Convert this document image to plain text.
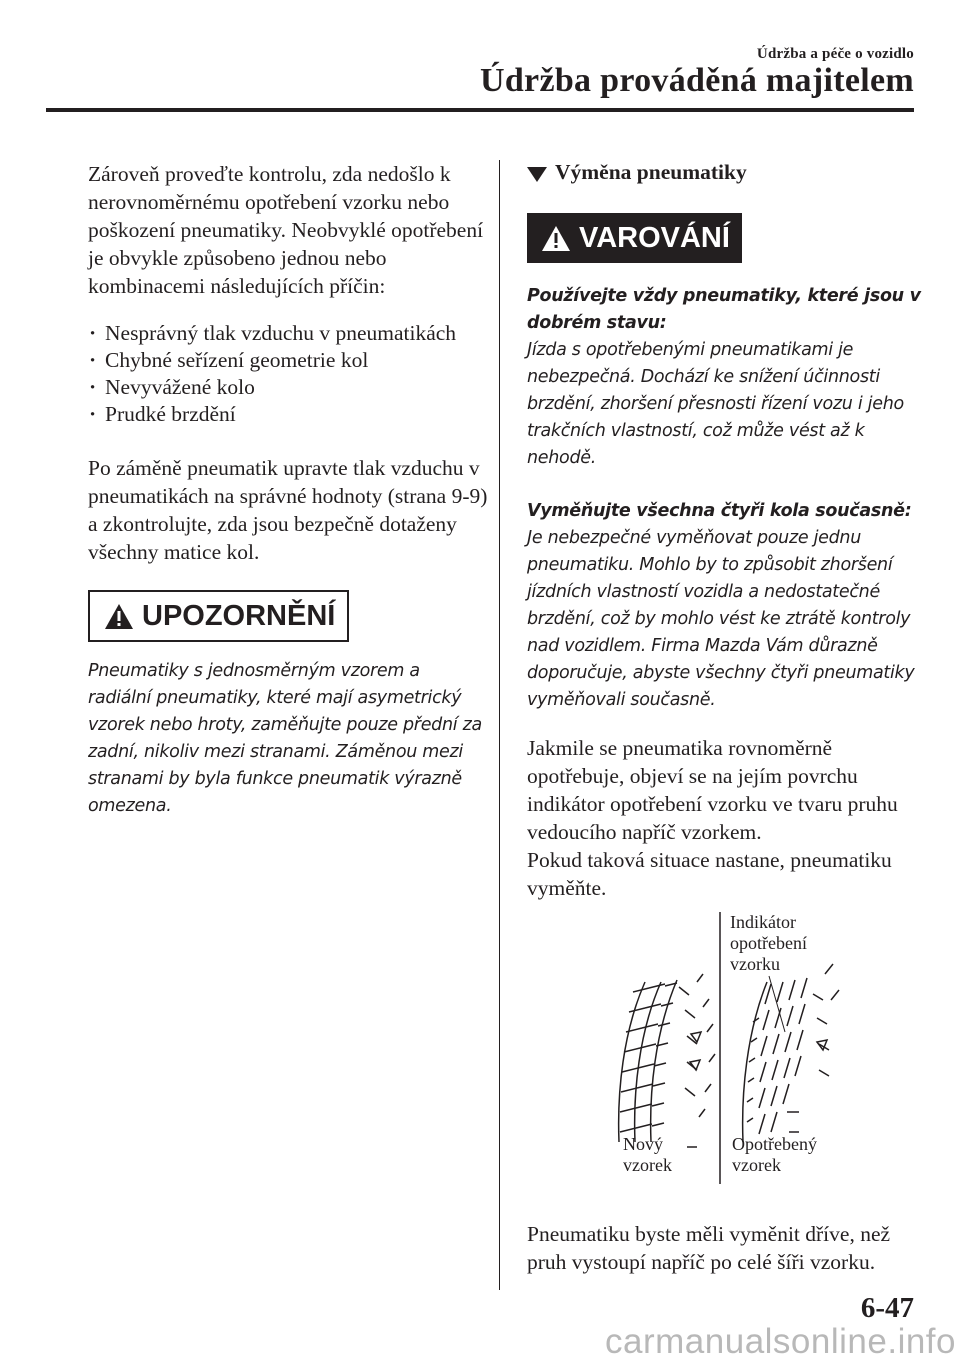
Údržba a péče o vozidlo
Údržba prováděná majitelem

Zároveň proveďte kontrolu, zda nedošlo k nerovnoměrnému opotřebení vzorku nebo poškození pneumatiky. Neobvyklé opotřebení je obvykle způsobeno jednou nebo kombinacemi následujících příčin:

· Nesprávný tlak vzduchu v pneumatikách
· Chybné seřízení geometrie kol
· Nevyvážené kolo
· Prudké brzdění

Po záměně pneumatik upravte tlak vzduchu v pneumatikách na správné hodnoty (strana 9-9) a zkontrolujte, zda jsou bezpečně dotaženy všechny matice kol.

UPOZORNĚNÍ

Pneumatiky s jednosměrným vzorem a radiální pneumatiky, které mají asymetrický vzorek nebo hroty, zaměňujte pouze přední za zadní, nikoliv mezi stranami. Záměnou mezi stranami by byla funkce pneumatik výrazně omezena.

Výměna pneumatiky
VAROVÁNÍ

Používejte vždy pneumatiky, které jsou v dobrém stavu:
Jízda s opotřebenými pneumatikami je nebezpečná. Dochází ke snížení účinnosti brzdění, zhoršení přesnosti řízení vozu i jeho trakčních vlastností, což může vést až k nehodě.

Vyměňujte všechna čtyři kola současně:
Je nebezpečné vyměňovat pouze jednu pneumatiku. Mohlo by to způsobit zhoršení jízdních vlastností vozidla a nedostatečné brzdění, což by mohlo vést ke ztrátě kontroly nad vozidlem. Firma Mazda Vám důrazně doporučuje, abyste všechny čtyři pneumatiky vyměňovali současně.

Jakmile se pneumatika rovnoměrně opotřebuje, objeví se na jejím povrchu indikátor opotřebení vzorku ve tvaru pruhu vedoucího napříč vzorkem.
Pokud taková situace nastane, pneumatiku vyměňte.

Indikátor
opotřebení
vzorku
Nový
vzorek
Opotřebený
vzorek

Pneumatiku byste měli vyměnit dříve, než pruh vystoupí napříč po celé šíři vzorku.

6-47
carmanualsonline.info
